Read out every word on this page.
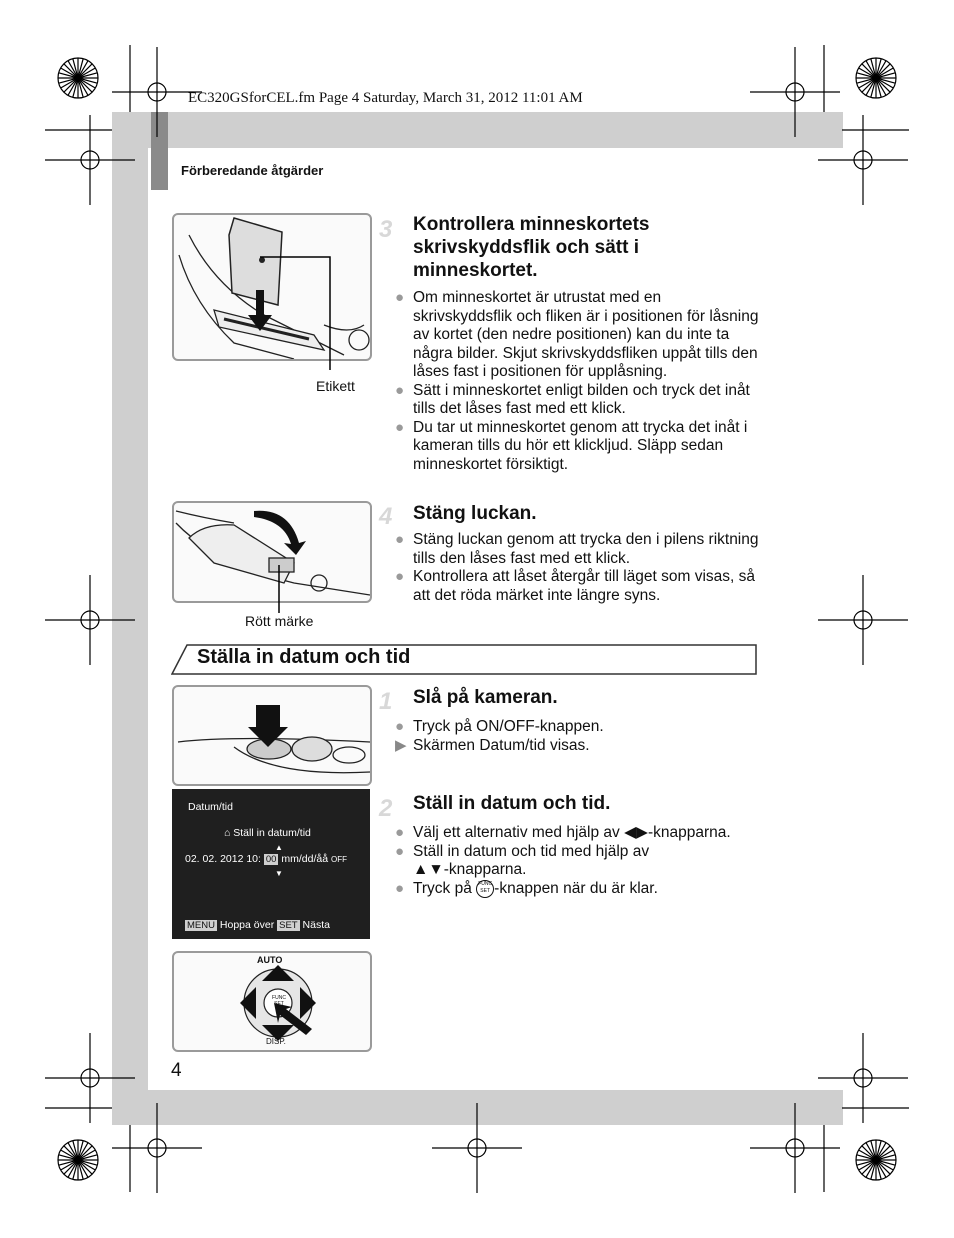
EC320GSforCEL.fm Page 4 Saturday, March 31, 2012 11:01 AM
Förberedande åtgärder
Etikett
3 Kontrollera minneskortets skrivskyddsflik och sätt i minneskortet.
● Om minneskortet är utrustat med en skrivskyddsflik och fliken är i positionen för låsning av kortet (den nedre positionen) kan du inte ta några bilder. Skjut skrivskyddsfliken uppåt tills den låses fast i positionen för upplåsning.
● Sätt i minneskortet enligt bilden och tryck det inåt tills det låses fast med ett klick.
● Du tar ut minneskortet genom att trycka det inåt i kameran tills du hör ett klickljud. Släpp sedan minneskortet försiktigt.
Rött märke
4 Stäng luckan.
● Stäng luckan genom att trycka den i pilens riktning tills den låses fast med ett klick.
● Kontrollera att låset återgår till läget som visas, så att det röda märket inte längre syns.
Ställa in datum och tid
1 Slå på kameran.
● Tryck på ON/OFF-knappen.
▶ Skärmen Datum/tid visas.
Datum/tid
⌂ Ställ in datum/tid
▲
02. 02. 2012 10: 00 mm/dd/åå OFF
▼
MENU Hoppa över SET Nästa
2 Ställ in datum och tid.
● Välj ett alternativ med hjälp av ◀▶-knapparna.
● Ställ in datum och tid med hjälp av
▲▼-knapparna.
● Tryck på FUNC SET -knappen när du är klar.
AUTO
FUNC SET
DISP.
4
